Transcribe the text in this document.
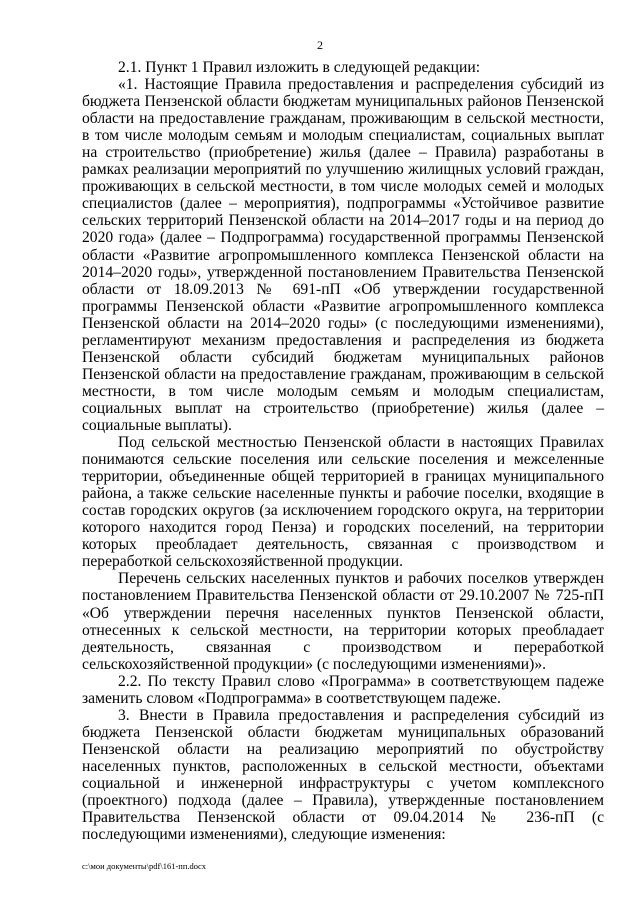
2

2.1. Пункт 1 Правил изложить в следующей редакции:

«1. Настоящие Правила предоставления и распределения субсидий из бюджета Пензенской области бюджетам муниципальных районов Пензенской области на предоставление гражданам, проживающим в сельской местности, в том числе молодым семьям и молодым специалистам, социальных выплат на строительство (приобретение) жилья (далее – Правила) разработаны в рамках реализации мероприятий по улучшению жилищных условий граждан, проживающих в сельской местности, в том числе молодых семей и молодых специалистов (далее – мероприятия), подпрограммы «Устойчивое развитие сельских территорий Пензенской области на 2014–2017 годы и на период до 2020 года» (далее – Подпрограмма) государственной программы Пензенской области «Развитие агропромышленного комплекса Пензенской области на 2014–2020 годы», утвержденной постановлением Правительства Пензенской области от 18.09.2013 № 691-пП «Об утверждении государственной программы Пензенской области «Развитие агропромышленного комплекса Пензенской области на 2014–2020 годы» (с последующими изменениями), регламентируют механизм предоставления и распределения из бюджета Пензенской области субсидий бюджетам муниципальных районов Пензенской области на предоставление гражданам, проживающим в сельской местности, в том числе молодым семьям и молодым специалистам, социальных выплат на строительство (приобретение) жилья (далее – социальные выплаты).

Под сельской местностью Пензенской области в настоящих Правилах понимаются сельские поселения или сельские поселения и межселенные территории, объединенные общей территорией в границах муниципального района, а также сельские населенные пункты и рабочие поселки, входящие в состав городских округов (за исключением городского округа, на территории которого находится город Пенза) и городских поселений, на территории которых преобладает деятельность, связанная с производством и переработкой сельскохозяйственной продукции.

Перечень сельских населенных пунктов и рабочих поселков утвержден постановлением Правительства Пензенской области от 29.10.2007 № 725-пП «Об утверждении перечня населенных пунктов Пензенской области, отнесенных к сельской местности, на территории которых преобладает деятельность, связанная с производством и переработкой сельскохозяйственной продукции» (с последующими изменениями)».

2.2. По тексту Правил слово «Программа» в соответствующем падеже заменить словом «Подпрограмма» в соответствующем падеже.

3. Внести в Правила предоставления и распределения субсидий из бюджета Пензенской области бюджетам муниципальных образований Пензенской области на реализацию мероприятий по обустройству населенных пунктов, расположенных в сельской местности, объектами социальной и инженерной инфраструктуры с учетом комплексного (проектного) подхода (далее – Правила), утвержденные постановлением Правительства Пензенской области от 09.04.2014 № 236-пП (с последующими изменениями), следующие изменения:

c:\мои документы\pdf\161-пп.docx
